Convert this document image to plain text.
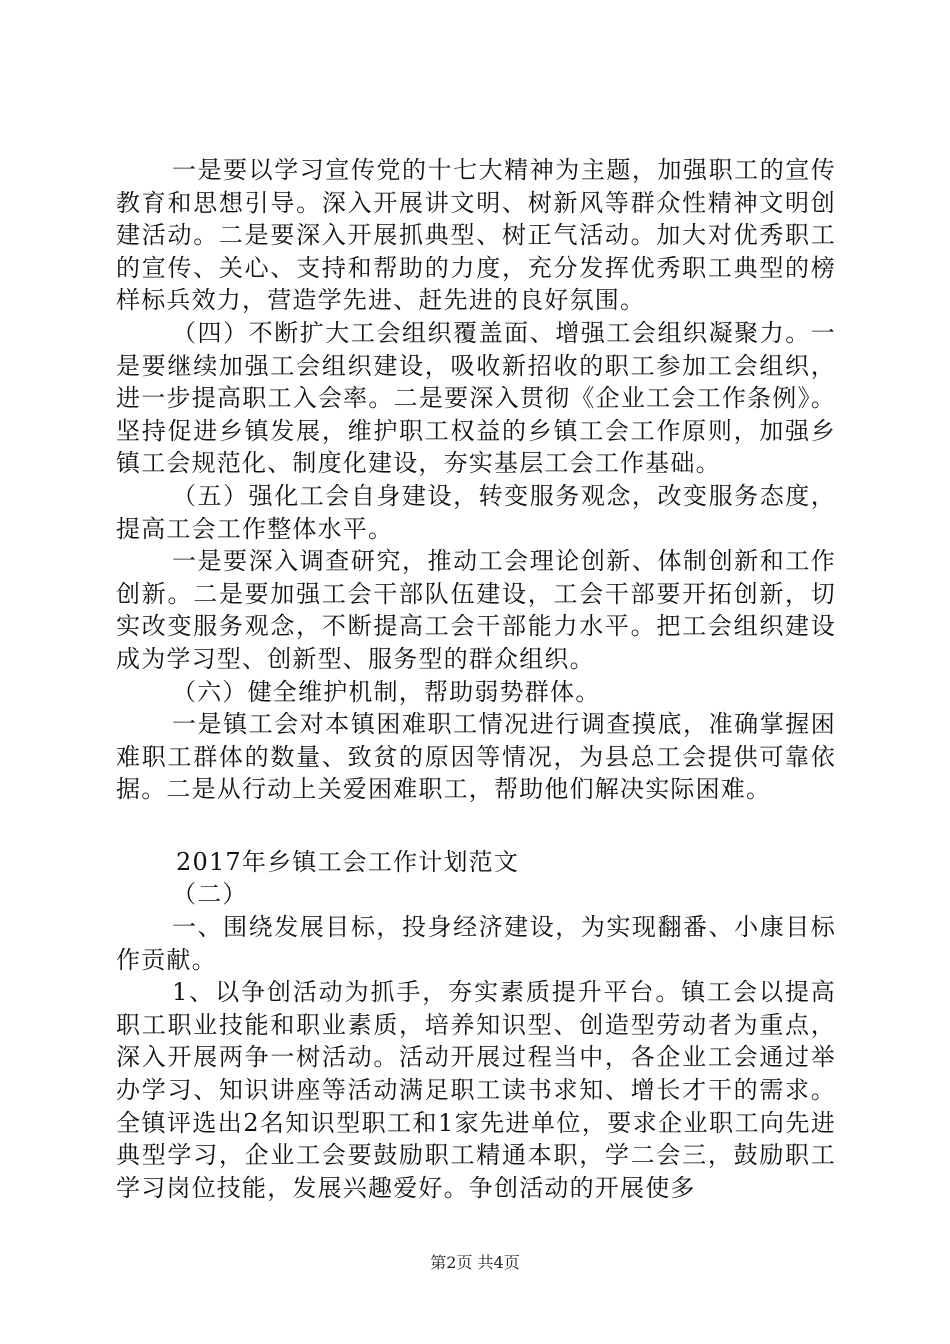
一是要以学习宣传党的十七大精神为主题，加强职工的宣传教育和思想引导。深入开展讲文明、树新风等群众性精神文明创建活动。二是要深入开展抓典型、树正气活动。加大对优秀职工的宣传、关心、支持和帮助的力度，充分发挥优秀职工典型的榜样标兵效力，营造学先进、赶先进的良好氛围。

（四）不断扩大工会组织覆盖面、增强工会组织凝聚力。一是要继续加强工会组织建设，吸收新招收的职工参加工会组织，进一步提高职工入会率。二是要深入贯彻《企业工会工作条例》。坚持促进乡镇发展，维护职工权益的乡镇工会工作原则，加强乡镇工会规范化、制度化建设，夯实基层工会工作基础。

（五）强化工会自身建设，转变服务观念，改变服务态度，提高工会工作整体水平。

一是要深入调查研究，推动工会理论创新、体制创新和工作创新。二是要加强工会干部队伍建设，工会干部要开拓创新，切实改变服务观念，不断提高工会干部能力水平。把工会组织建设成为学习型、创新型、服务型的群众组织。

（六）健全维护机制，帮助弱势群体。

一是镇工会对本镇困难职工情况进行调查摸底，准确掌握困难职工群体的数量、致贫的原因等情况，为县总工会提供可靠依据。二是从行动上关爱困难职工，帮助他们解决实际困难。

2017年乡镇工会工作计划范文

（二）

一、围绕发展目标，投身经济建设，为实现翻番、小康目标作贡献。

1、以争创活动为抓手，夯实素质提升平台。镇工会以提高职工职业技能和职业素质，培养知识型、创造型劳动者为重点，深入开展两争一树活动。活动开展过程当中，各企业工会通过举办学习、知识讲座等活动满足职工读书求知、增长才干的需求。全镇评选出2名知识型职工和1家先进单位，要求企业职工向先进典型学习，企业工会要鼓励职工精通本职，学二会三，鼓励职工学习岗位技能，发展兴趣爱好。争创活动的开展使多

第2页 共4页
